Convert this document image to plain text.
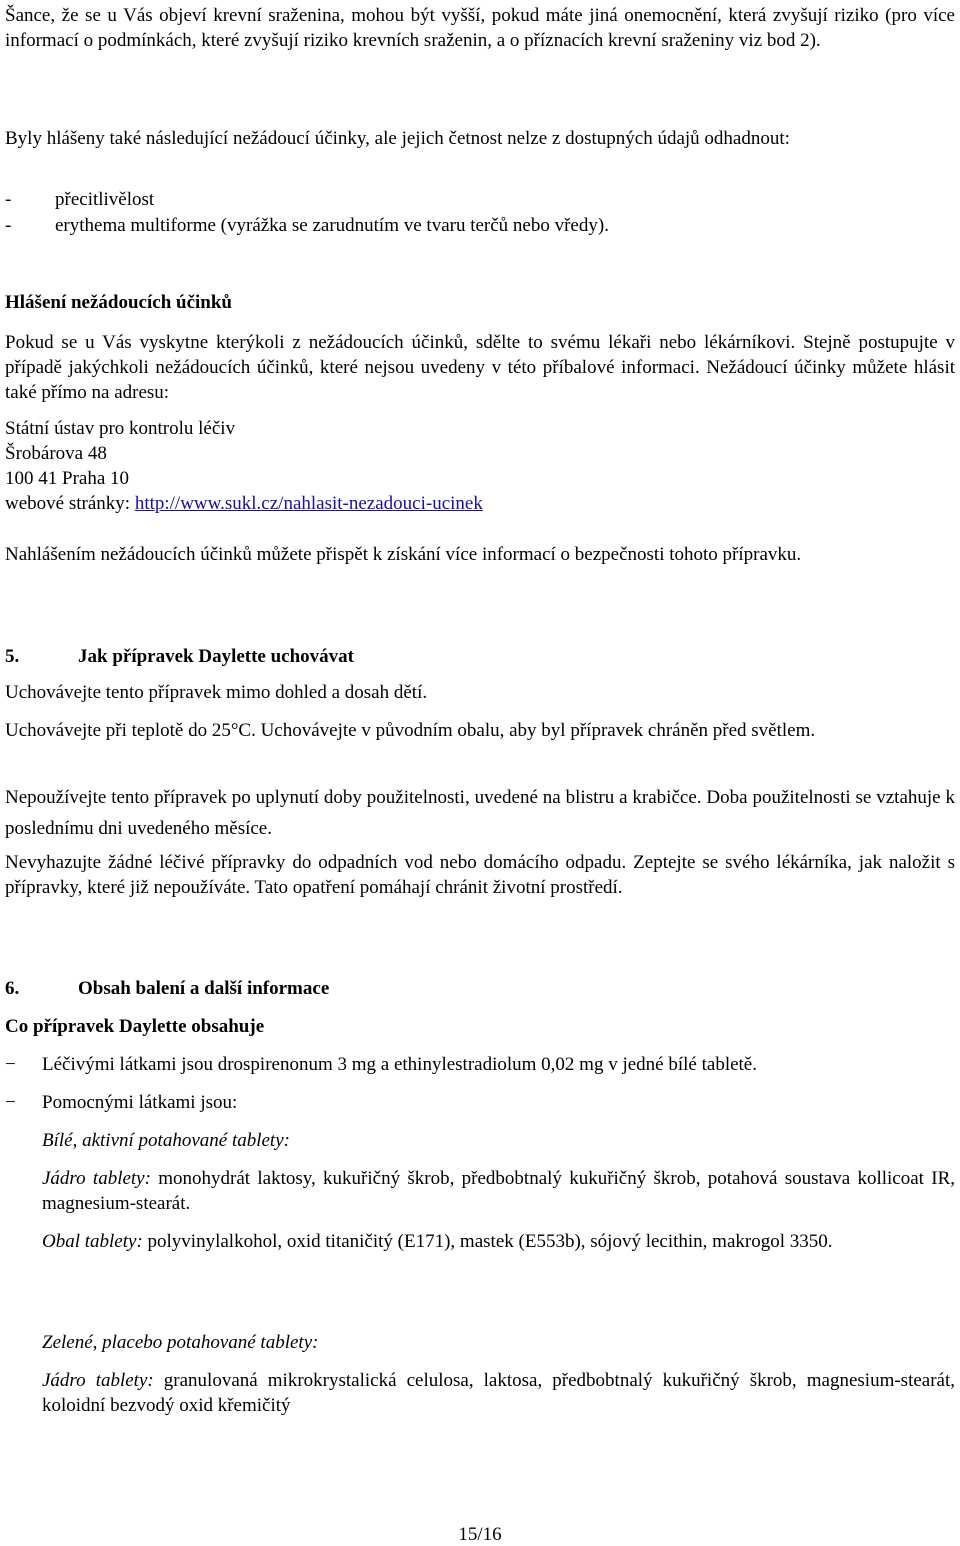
Šance, že se u Vás objeví krevní sraženina, mohou být vyšší, pokud máte jiná onemocnění, která zvyšují riziko (pro více informací o podmínkách, které zvyšují riziko krevních sraženin, a o příznacích krevní sraženiny viz bod 2).

Byly hlášeny také následující nežádoucí účinky, ale jejich četnost nelze z dostupných údajů odhadnout:

- přecitlivělost
- erythema multiforme (vyrážka se zarudnutím ve tvaru terčů nebo vředy).
Hlášení nežádoucích účinků

Pokud se u Vás vyskytne kterýkoli z nežádoucích účinků, sdělte to svému lékaři nebo lékárníkovi. Stejně postupujte v případě jakýchkoli nežádoucích účinků, které nejsou uvedeny v této příbalové informaci. Nežádoucí účinky můžete hlásit také přímo na adresu:

Státní ústav pro kontrolu léčiv
Šrobárova 48
100 41 Praha 10
webové stránky: http://www.sukl.cz/nahlasit-nezadouci-ucinek

Nahlášením nežádoucích účinků můžete přispět k získání více informací o bezpečnosti tohoto přípravku.

5.	Jak přípravek Daylette uchovávat

Uchovávejte tento přípravek mimo dohled a dosah dětí.

Uchovávejte při teplotě do 25°C. Uchovávejte v původním obalu, aby byl přípravek chráněn před světlem.

Nepoužívejte tento přípravek po uplynutí doby použitelnosti, uvedené na blistru a krabičce. Doba použitelnosti se vztahuje k poslednímu dni uvedeného měsíce.

Nevyhazujte žádné léčivé přípravky do odpadních vod nebo domácího odpadu. Zeptejte se svého lékárníka, jak naložit s přípravky, které již nepoužíváte. Tato opatření pomáhají chránit životní prostředí.

6.	Obsah balení a další informace
Co přípravek Daylette obsahuje
− Léčivými látkami jsou drospirenonum 3 mg a ethinylestradiolum 0,02 mg v jedné bílé tabletě.
− Pomocnými látkami jsou:
Bílé, aktivní potahované tablety:
Jádro tablety: monohydrát laktosy, kukuřičný škrob, předbobtnalý kukuřičný škrob, potahová soustava kollicoat IR, magnesium-stearát.
Obal tablety: polyvinylalkohol, oxid titaničitý (E171), mastek (E553b), sójový lecithin, makrogol 3350.
Zelené, placebo potahované tablety:
Jádro tablety: granulovaná mikrokrystalická celulosa, laktosa, předbobtnalý kukuřičný škrob, magnesium-stearát, koloidní bezvodý oxid křemičitý
15/16
